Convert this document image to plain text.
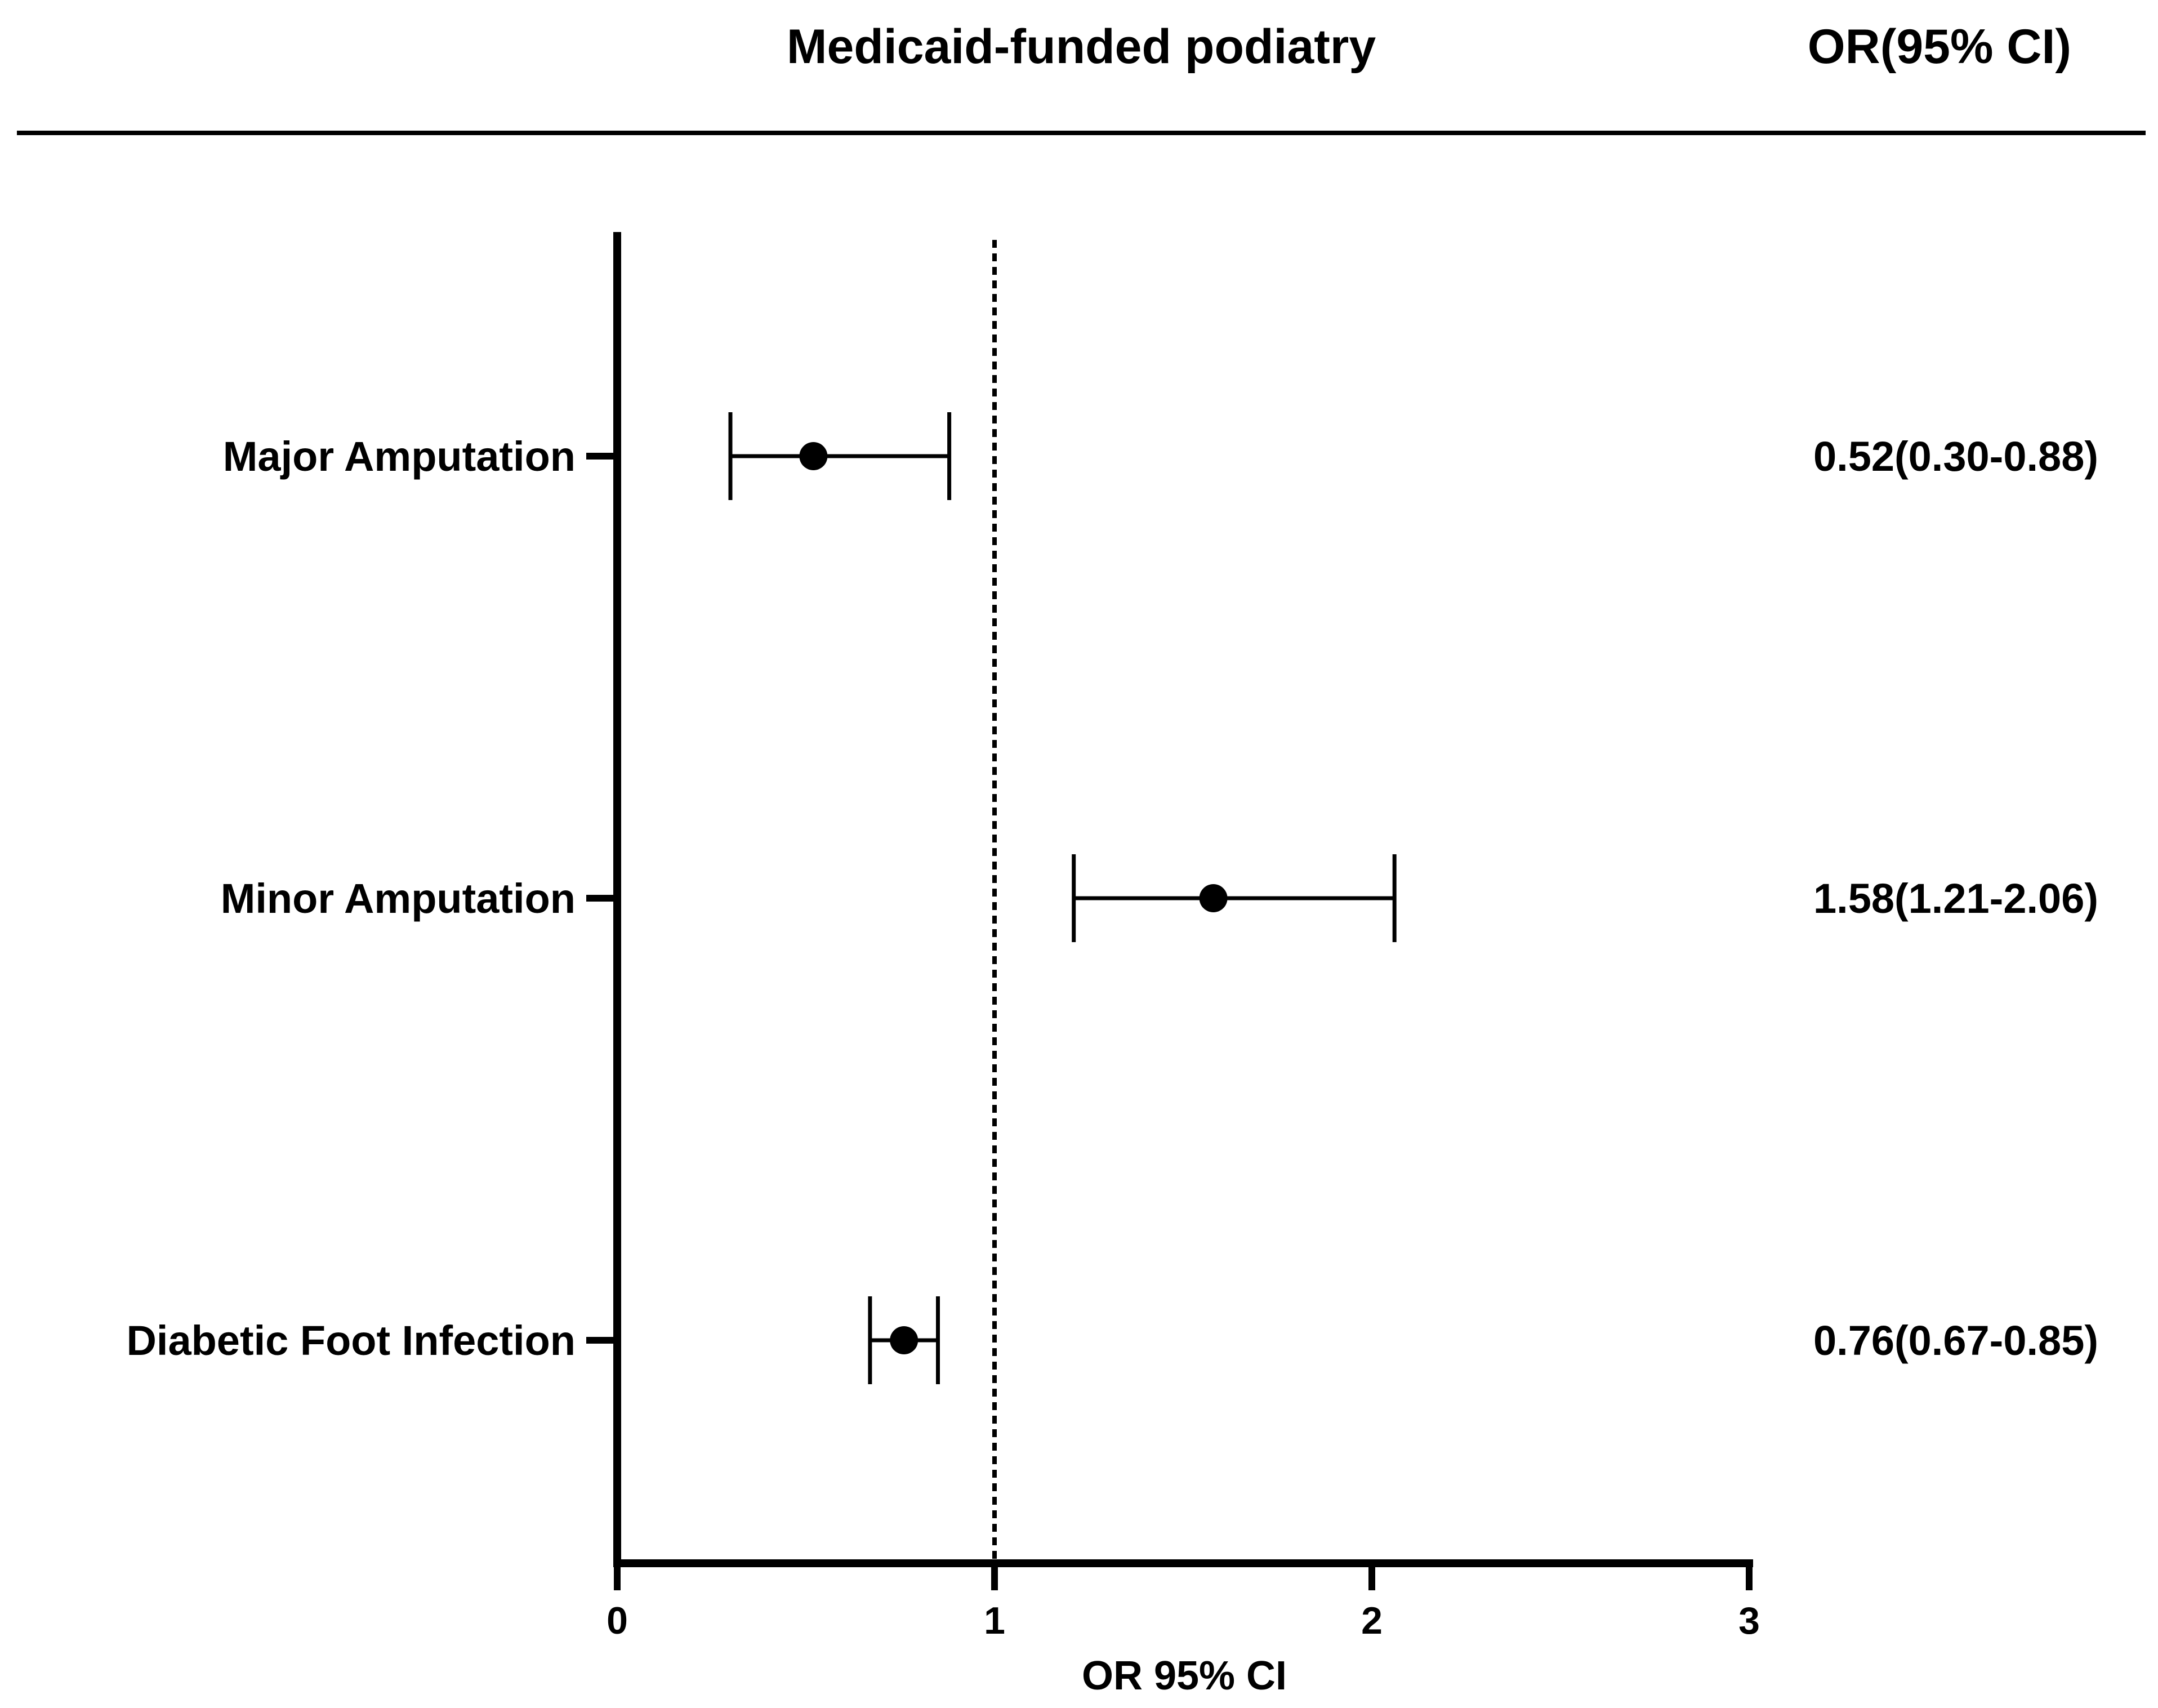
Medicaid-funded podiatry	OR(95% CI)
0	1	2	3
Major Amputation	0.52(0.30-0.88)
Minor Amputation	1.58(1.21-2.06)
Diabetic Foot Infection	0.76(0.67-0.85)
OR 95% CI
